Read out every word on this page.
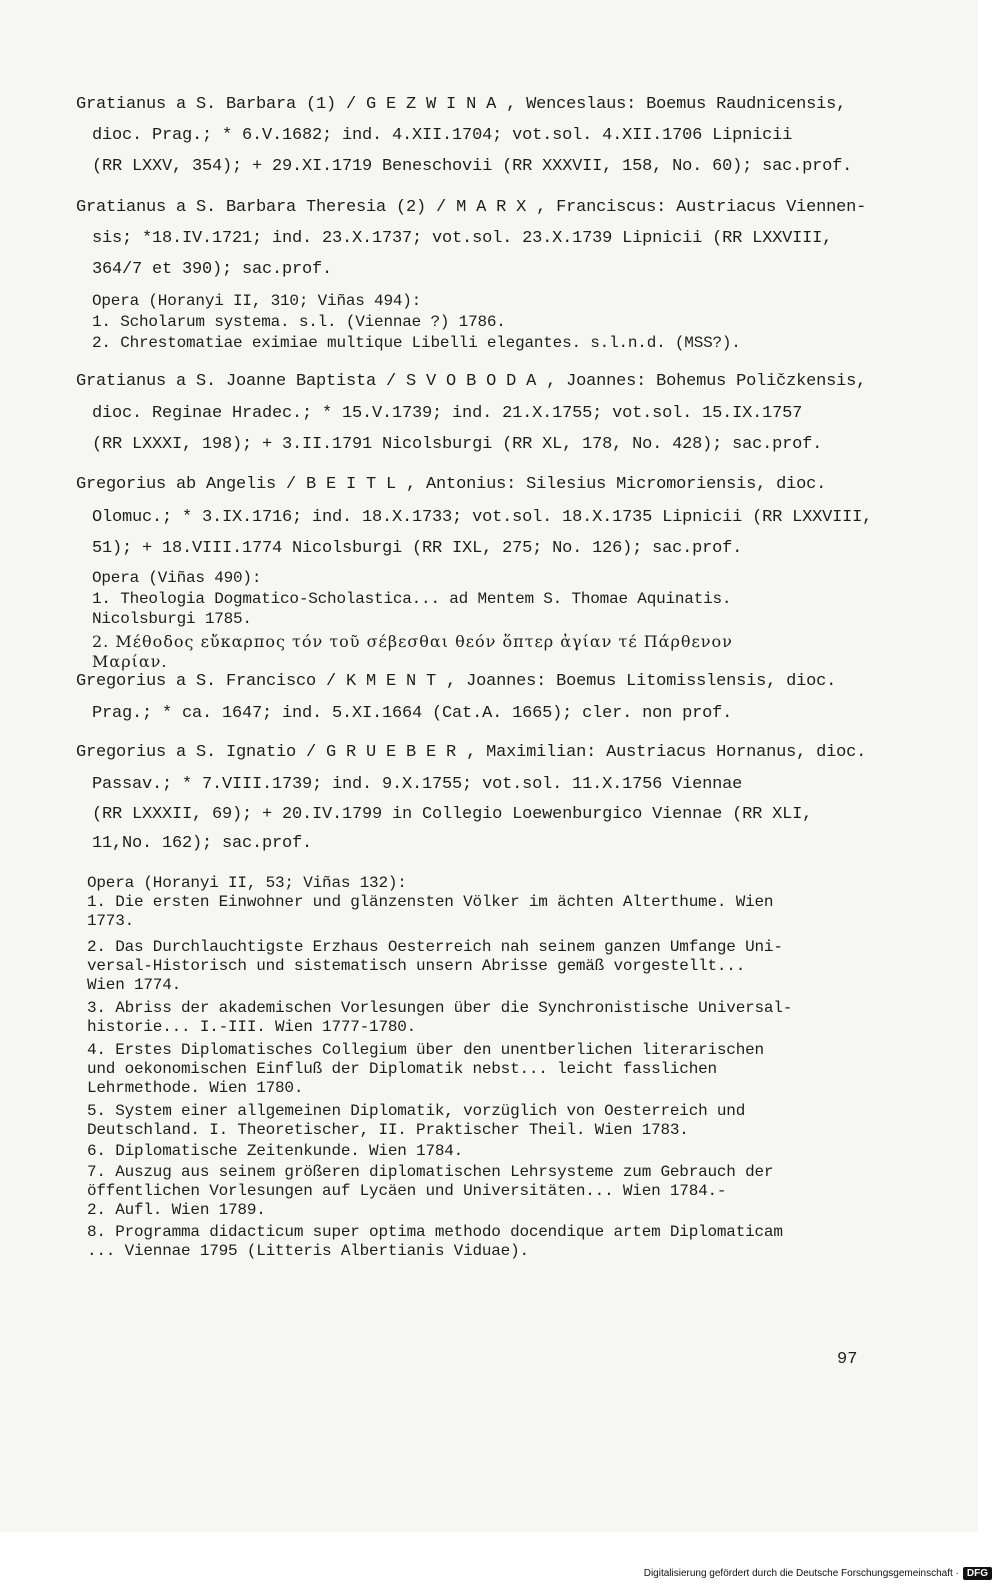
Gratianus a S. Barbara (1) / G E Z W I N A , Wenceslaus: Boemus Raudnicensis,
dioc. Prag.; * 6.V.1682; ind. 4.XII.1704; vot.sol. 4.XII.1706 Lipnicii
(RR LXXV, 354); + 29.XI.1719 Beneschovii (RR XXXVII, 158, No. 60); sac.prof.
Gratianus a S. Barbara Theresia (2) / M A R X , Franciscus: Austriacus Viennen-
sis; *18.IV.1721; ind. 23.X.1737; vot.sol. 23.X.1739 Lipnicii (RR LXXVIII,
364/7 et 390); sac.prof.
Opera (Horanyi II, 310; Viñas 494):
1. Scholarum systema. s.l. (Viennae ?) 1786.
2. Chrestomatiae eximiae multique Libelli elegantes. s.l.n.d. (MSS?).
Gratianus a S. Joanne Baptista / S V O B O D A , Joannes: Bohemus Poličzkensis,
dioc. Reginae Hradec.; * 15.V.1739; ind. 21.X.1755; vot.sol. 15.IX.1757
(RR LXXXI, 198); + 3.II.1791 Nicolsburgi (RR XL, 178, No. 428); sac.prof.
Gregorius ab Angelis / B E I T L , Antonius: Silesius Micromoriensis, dioc.
Olomuc.; * 3.IX.1716; ind. 18.X.1733; vot.sol. 18.X.1735 Lipnicii (RR LXXVIII,
51); + 18.VIII.1774 Nicolsburgi (RR IXL, 275; No. 126); sac.prof.
Opera (Viñas 490):
1. Theologia Dogmatico-Scholastica... ad Mentem S. Thomae Aquinatis.
Nicolsburgi 1785.
2. Μέθοδος εὔκαρπος τόν τοῦ σέβεσθαι θεόν ὅπτερ ἀγίαν τέ Πάρθενον
Μαρίαν.
Gregorius a S. Francisco / K M E N T , Joannes: Boemus Litomisslensis, dioc.
Prag.; * ca. 1647; ind. 5.XI.1664 (Cat.A. 1665); cler. non prof.
Gregorius a S. Ignatio / G R U E B E R , Maximilian: Austriacus Hornanus, dioc.
Passav.; * 7.VIII.1739; ind. 9.X.1755; vot.sol. 11.X.1756 Viennae
(RR LXXXII, 69); + 20.IV.1799 in Collegio Loewenburgico Viennae (RR XLI,
11,No. 162); sac.prof.
Opera (Horanyi II, 53; Viñas 132):
1. Die ersten Einwohner und glänzensten Völker im ächten Alterthume. Wien
1773.
2. Das Durchlauchtigste Erzhaus Oesterreich nah seinem ganzen Umfange Uni-
versal-Historisch und sistematisch unsern Abrisse gemäß vorgestellt...
Wien 1774.
3. Abriss der akademischen Vorlesungen über die Synchronistische Universal-
historie... I.-III. Wien 1777-1780.
4. Erstes Diplomatisches Collegium über den unentberlichen literarischen
und oekonomischen Einfluß der Diplomatik nebst... leicht fasslichen
Lehrmethode. Wien 1780.
5. System einer allgemeinen Diplomatik, vorzüglich von Oesterreich und
Deutschland. I. Theoretischer, II. Praktischer Theil. Wien 1783.
6. Diplomatische Zeitenkunde. Wien 1784.
7. Auszug aus seinem größeren diplomatischen Lehrsysteme zum Gebrauch der
öffentlichen Vorlesungen auf Lycäen und Universitäten... Wien 1784.-
2. Aufl. Wien 1789.
8. Programma didacticum super optima methodo docendique artem Diplomaticam
... Viennae 1795 (Litteris Albertianis Viduae).
97
Digitalisierung gefördert durch die Deutsche Forschungsgemeinschaft · DFG
